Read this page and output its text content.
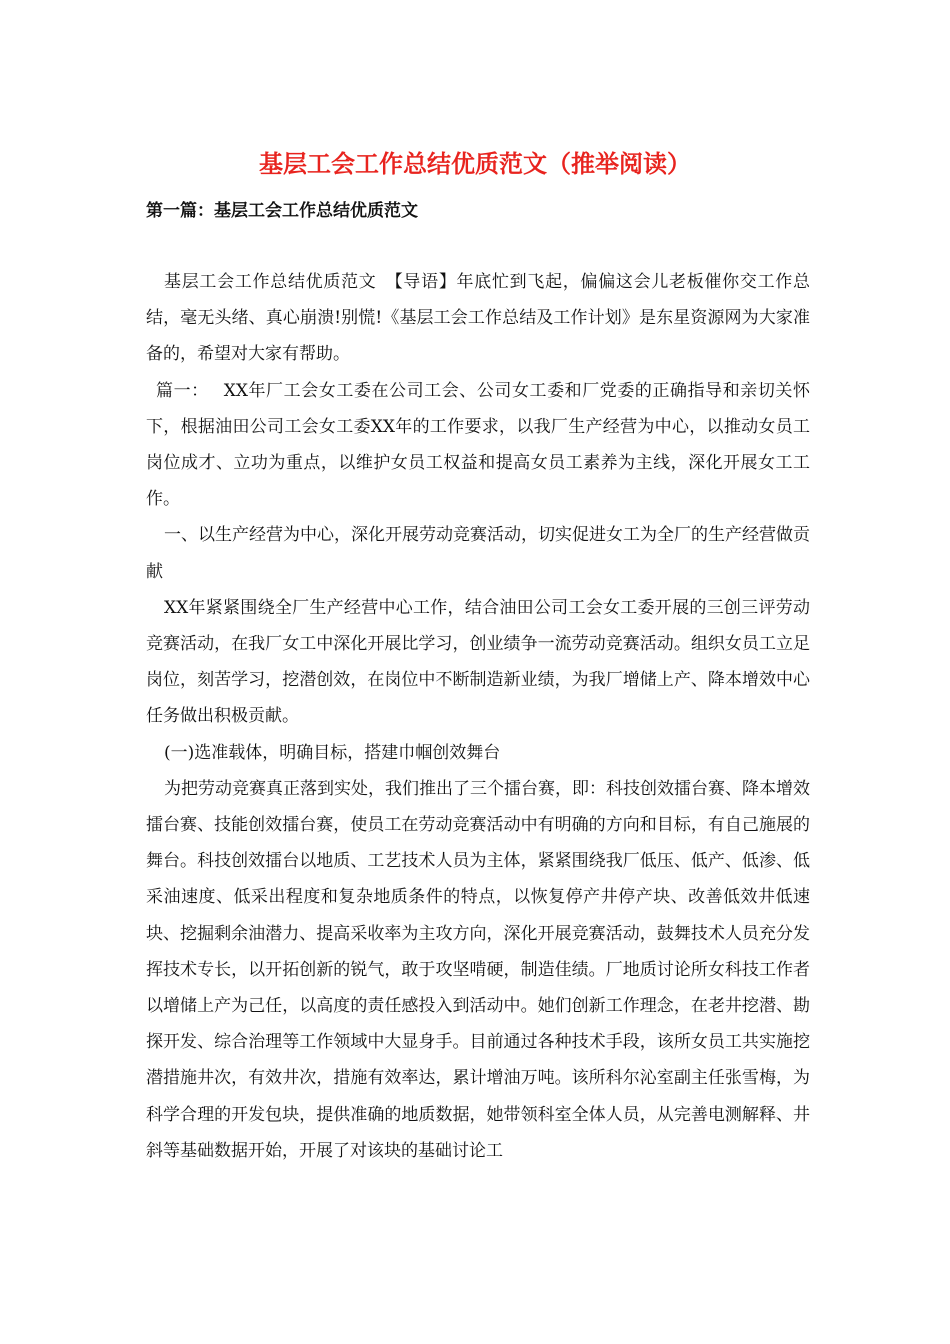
基层工会工作总结优质范文（推举阅读）
第一篇：基层工会工作总结优质范文

基层工会工作总结优质范文　【导语】年底忙到飞起，偏偏这会儿老板催你交工作总结，毫无头绪、真心崩溃!别慌!《基层工会工作总结及工作计划》是东星资源网为大家准备的，希望对大家有帮助。

篇一：　 XX年厂工会女工委在公司工会、公司女工委和厂党委的正确指导和亲切关怀下，根据油田公司工会女工委XX年的工作要求，以我厂生产经营为中心，以推动女员工岗位成才、立功为重点，以维护女员工权益和提高女员工素养为主线，深化开展女工工作。

一、以生产经营为中心，深化开展劳动竞赛活动，切实促进女工为全厂的生产经营做贡献

XX年紧紧围绕全厂生产经营中心工作，结合油田公司工会女工委开展的三创三评劳动竞赛活动，在我厂女工中深化开展比学习，创业绩争一流劳动竞赛活动。组织女员工立足岗位，刻苦学习，挖潜创效，在岗位中不断制造新业绩，为我厂增储上产、降本增效中心任务做出积极贡献。

(一)选准载体，明确目标，搭建巾帼创效舞台

为把劳动竞赛真正落到实处，我们推出了三个擂台赛，即：科技创效擂台赛、降本增效擂台赛、技能创效擂台赛，使员工在劳动竞赛活动中有明确的方向和目标，有自己施展的舞台。科技创效擂台以地质、工艺技术人员为主体，紧紧围绕我厂低压、低产、低渗、低采油速度、低采出程度和复杂地质条件的特点，以恢复停产井停产块、改善低效井低速块、挖掘剩余油潜力、提高采收率为主攻方向，深化开展竞赛活动，鼓舞技术人员充分发挥技术专长，以开拓创新的锐气，敢于攻坚啃硬，制造佳绩。厂地质讨论所女科技工作者以增储上产为己任，以高度的责任感投入到活动中。她们创新工作理念，在老井挖潜、勘探开发、综合治理等工作领域中大显身手。目前通过各种技术手段，该所女员工共实施挖潜措施井次，有效井次，措施有效率达，累计增油万吨。该所科尔沁室副主任张雪梅，为科学合理的开发包块，提供准确的地质数据，她带领科室全体人员，从完善电测解释、井斜等基础数据开始，开展了对该块的基础讨论工
